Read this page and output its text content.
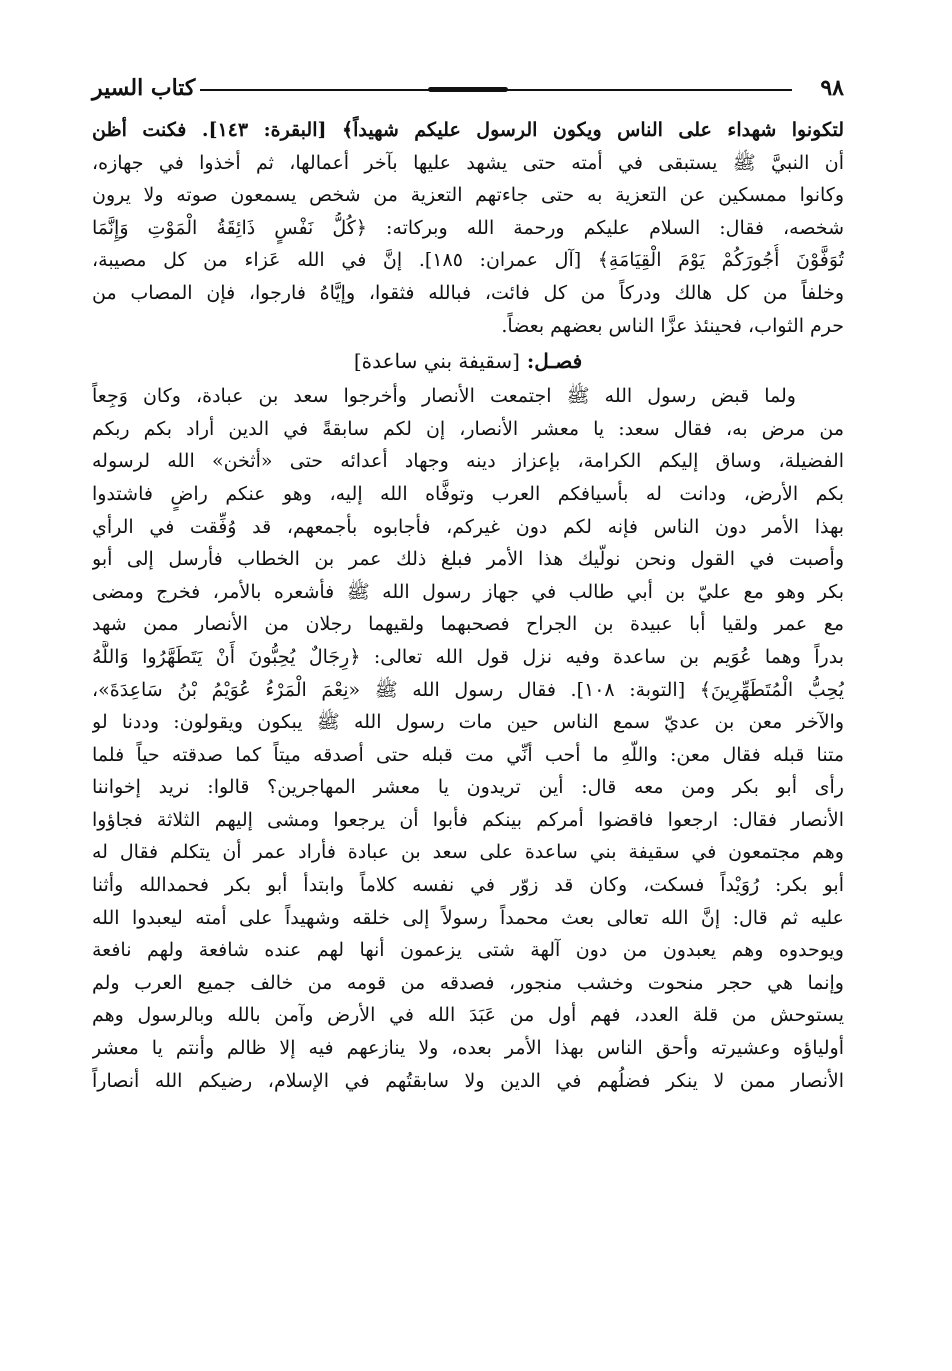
٩٨
كتاب السير
لتكونوا شهداء على الناس ويكون الرسول عليكم شهيداً﴾ [البقرة: ١٤٣]. فكنت أظن
أن النبيَّ ﷺ يستبقى في أمته حتى يشهد عليها بآخر أعمالها، ثم أخذوا في جهازه،
وكانوا ممسكين عن التعزية به حتى جاءتهم التعزية من شخص يسمعون صوته ولا يرون
شخصه، فقال: السلام عليكم ورحمة الله وبركاته: ﴿كُلُّ نَفْسٍ ذَائِقَةُ الْمَوْتِ وَإِنَّمَا
تُوَفَّوْنَ أُجُورَكُمْ يَوْمَ الْقِيَامَةِ﴾ [آل عمران: ١٨٥]. إنَّ في الله عَزاء من كل مصيبة،
وخلفاً من كل هالك ودركاً من كل فائت، فبالله فثقوا، وإيَّاهُ فارجوا، فإن المصاب من
حرم الثواب، فحينئذ عزَّا الناس بعضهم بعضاً.
فصـل: [سقيفة بني ساعدة]
ولما قبض رسول الله ﷺ اجتمعت الأنصار وأخرجوا سعد بن عبادة، وكان وَجِعاً
من مرض به، فقال سعد: يا معشر الأنصار، إن لكم سابقةً في الدين أراد بكم ربكم
الفضيلة، وساق إليكم الكرامة، بإعزاز دينه وجهاد أعدائه حتى «أثخن» الله لرسوله
بكم الأرض، ودانت له بأسيافكم العرب وتوفَّاه الله إليه، وهو عنكم راضٍ فاشتدوا
بهذا الأمر دون الناس فإنه لكم دون غيركم، فأجابوه بأجمعهم، قد وُفِّقت في الرأي
وأصبت في القول ونحن نولّيك هذا الأمر فبلغ ذلك عمر بن الخطاب فأرسل إلى أبو
بكر وهو مع عليّ بن أبي طالب في جهاز رسول الله ﷺ فأشعره بالأمر، فخرج ومضى
مع عمر ولقيا أبا عبيدة بن الجراح فصحبهما ولقيهما رجلان من الأنصار ممن شهد
بدراً وهما عُوَيم بن ساعدة وفيه نزل قول الله تعالى: ﴿رِجَالٌ يُحِبُّونَ أَنْ يَتَطَهَّرُوا وَاللَّهُ
يُحِبُّ الْمُتَطَهِّرِينَ﴾ [التوبة: ١٠٨]. فقال رسول الله ﷺ «نِعْمَ الْمَرْءُ عُوَيْمُ بْنُ سَاعِدَةَ»،
والآخر معن بن عديّ سمع الناس حين مات رسول الله ﷺ يبكون ويقولون: وددنا لو
متنا قبله فقال معن: واللّهِ ما أحب أنِّي مت قبله حتى أصدقه ميتاً كما صدقته حياً فلما
رأى أبو بكر ومن معه قال: أين تريدون يا معشر المهاجرين؟ قالوا: نريد إخواننا
الأنصار فقال: ارجعوا فاقضوا أمركم بينكم فأبوا أن يرجعوا ومشى إليهم الثلاثة فجاؤوا
وهم مجتمعون في سقيفة بني ساعدة على سعد بن عبادة فأراد عمر أن يتكلم فقال له
أبو بكر: رُوَيْداً فسكت، وكان قد زوّر في نفسه كلاماً وابتدأ أبو بكر فحمدالله وأثنا
عليه ثم قال: إنَّ الله تعالى بعث محمداً رسولاً إلى خلقه وشهيداً على أمته ليعبدوا الله
ويوحدوه وهم يعبدون من دون آلهة شتى يزعمون أنها لهم عنده شافعة ولهم نافعة
وإنما هي حجر منحوت وخشب منجور، فصدقه من قومه من خالف جميع العرب ولم
يستوحش من قلة العدد، فهم أول من عَبَدَ الله في الأرض وآمن بالله وبالرسول وهم
أولياؤه وعشيرته وأحق الناس بهذا الأمر بعده، ولا ينازعهم فيه إلا ظالم وأنتم يا معشر
الأنصار ممن لا ينكر فضلُهم في الدين ولا سابقتُهم في الإسلام، رضيكم الله أنصاراً
